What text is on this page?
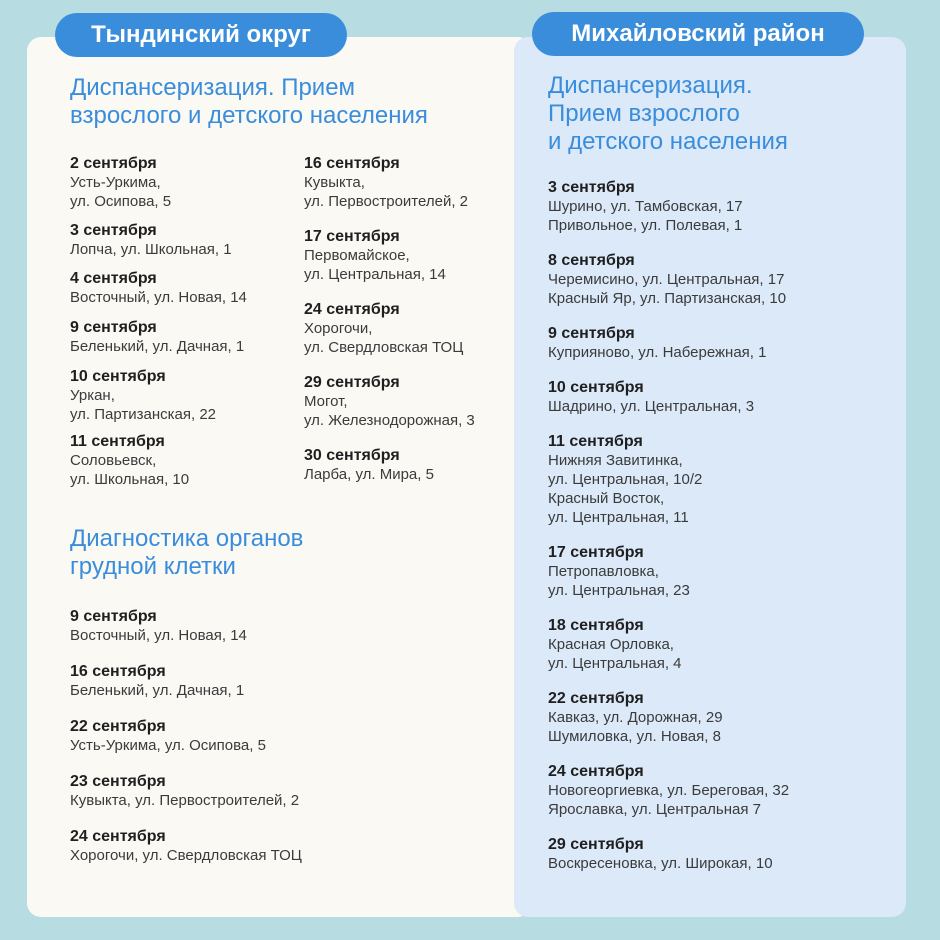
Тындинский округ	Михайловский район
Диспансеризация. Прием
взрослого и детского населения
2 сентября
Усть-Уркима,
ул. Осипова, 5
3 сентября
Лопча, ул. Школьная, 1
4 сентября
Восточный, ул. Новая, 14
9 сентября
Беленький, ул. Дачная, 1
10 сентября
Уркан,
ул. Партизанская, 22
11 сентября
Соловьевск,
ул. Школьная, 10
16 сентября
Кувыкта,
ул. Первостроителей, 2
17 сентября
Первомайское,
ул. Центральная, 14
24 сентября
Хорогочи,
ул. Свердловская ТОЦ
29 сентября
Могот,
ул. Железнодорожная, 3
30 сентября
Ларба, ул. Мира, 5
Диагностика органов
грудной клетки
9 сентября
Восточный, ул. Новая, 14
16 сентября
Беленький, ул. Дачная, 1
22 сентября
Усть-Уркима, ул. Осипова, 5
23 сентября
Кувыкта, ул. Первостроителей, 2
24 сентября
Хорогочи, ул. Свердловская ТОЦ
Диспансеризация.
Прием взрослого
и детского населения
3 сентября
Шурино, ул. Тамбовская, 17
Привольное, ул. Полевая, 1
8 сентября
Черемисино, ул. Центральная, 17
Красный Яр, ул. Партизанская, 10
9 сентября
Куприяново, ул. Набережная, 1
10 сентября
Шадрино, ул. Центральная, 3
11 сентября
Нижняя Завитинка,
ул. Центральная, 10/2
Красный Восток,
ул. Центральная, 11
17 сентября
Петропавловка,
ул. Центральная, 23
18 сентября
Красная Орловка,
ул. Центральная, 4
22 сентября
Кавказ, ул. Дорожная, 29
Шумиловка, ул. Новая, 8
24 сентября
Новогеоргиевка, ул. Береговая, 32
Ярославка, ул. Центральная 7
29 сентября
Воскресеновка, ул. Широкая, 10
